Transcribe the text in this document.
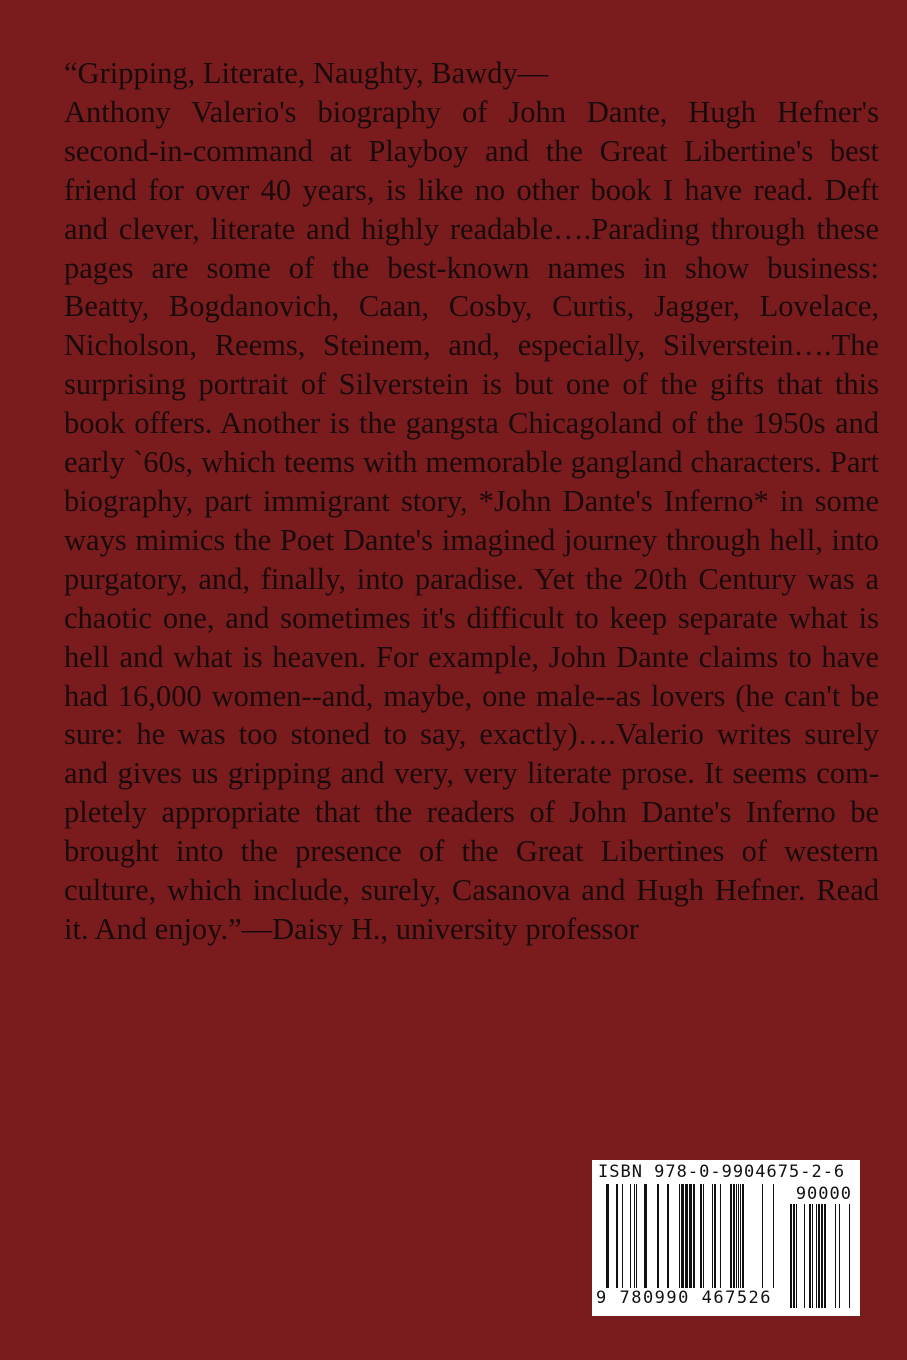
“Gripping, Literate, Naughty, Bawdy—

Anthony Valerio's biography of John Dante, Hugh Hefner's second-in-command at Playboy and the Great Libertine's best friend for over 40 years, is like no other book I have read. Deft and clever, literate and highly readable….Parading through these pages are some of the best-known names in show business: Beatty, Bogdanovich, Caan, Cosby, Curtis, Jagger, Lovelace, Nicholson, Reems, Steinem, and, especially, Silverstein….The surprising portrait of Silverstein is but one of the gifts that this book offers. Another is the gangsta Chicagoland of the 1950s and early `60s, which teems with memorable gangland characters. Part biography, part immigrant story, *John Dante's Inferno* in some ways mimics the Poet Dante's imagined journey through hell, into purgatory, and, finally, into paradise. Yet the 20th Century was a chaotic one, and sometimes it's difficult to keep separate what is hell and what is heaven. For example, John Dante claims to have had 16,000 women--and, maybe, one male--as lovers (he can't be sure: he was too stoned to say, exactly)….Valerio writes surely and gives us gripping and very, very literate prose. It seems completely appropriate that the readers of John Dante's Inferno be brought into the presence of the Great Libertines of western culture, which include, surely, Casanova and Hugh Hefner. Read it. And enjoy.”—Daisy H., university professor

ISBN 978-0-9904675-2-6
90000
9 780990 467526
